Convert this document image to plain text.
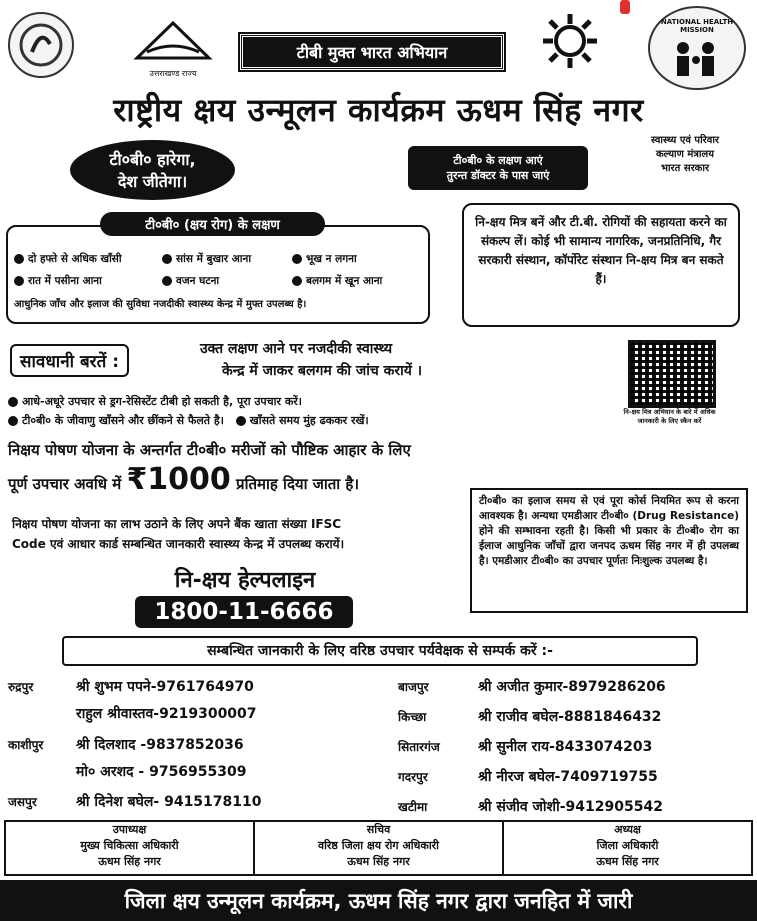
उत्तराखण्ड राज्य
टीबी मुक्त भारत अभियान
NATIONAL HEALTH MISSION
राष्ट्रीय क्षय उन्मूलन कार्यक्रम ऊधम सिंह नगर
टी०बी० हारेगा,
देश जीतेगा।
टी०बी० के लक्षण आएं
तुरन्त डॉक्टर के पास जाएं
स्वास्थ्य एवं परिवार
कल्याण मंत्रालय
भारत सरकार
टी०बी० (क्षय रोग) के लक्षण
दो हफ्ते से अधिक खाँसी	सांस में बुखार आना	भूख न लगना
रात में पसीना आना	वजन घटना	बलगम में खून आना
आधुनिक जाँच और इलाज की सुविधा नजदीकी स्वास्थ्य केन्द्र में मुफ्त उपलब्ध है।
नि-क्षय मित्र बनें और टी.बी. रोगियों की सहायता करने का संकल्प लें। कोई भी सामान्य नागरिक, जनप्रतिनिधि, गैर सरकारी संस्थान, कॉर्पोरेट संस्थान नि-क्षय मित्र बन सकते हैं।
सावधानी बरतें :
उक्त लक्षण आने पर नजदीकी स्वास्थ्य
केन्द्र में जाकर बलगम की जांच करायें ।
नि-क्षय मित्र अभियान के बारे में अधिक जानकारी के लिए स्कैन करें
आधे-अधूरे उपचार से ड्रग-रेसिस्टेंट टीबी हो सकती है, पूरा उपचार करें।
टी०बी० के जीवाणु खाँसने और छींकने से फैलते है। खाँसते समय मुंह ढककर रखें।
निक्षय पोषण योजना के अन्तर्गत टी०बी० मरीजों को पौष्टिक आहार के लिए
पूर्ण उपचार अवधि में ₹1000 प्रतिमाह दिया जाता है।
निक्षय पोषण योजना का लाभ उठाने के लिए अपने बैंक खाता संख्या IFSC
Code एवं आधार कार्ड सम्बन्धित जानकारी स्वास्थ्य केन्द्र में उपलब्ध करायें।
टी०बी० का इलाज समय से एवं पूरा कोर्स नियमित रूप से करना आवश्यक है। अन्यथा एमडीआर टी०बी० (Drug Resistance) होने की सम्भावना रहती है। किसी भी प्रकार के टी०बी० रोग का ईलाज आधुनिक जाँचों द्वारा जनपद ऊधम सिंह नगर में ही उपलब्ध है। एमडीआर टी०बी० का उपचार पूर्णतः निःशुल्क उपलब्ध है।
नि-क्षय हेल्पलाइन
1800-11-6666
सम्बन्धित जानकारी के लिए वरिष्ठ उपचार पर्यवेक्षक से सम्पर्क करें :-
रुद्रपुर	श्री शुभम पपने-9761764970
राहुल श्रीवास्तव-9219300007
काशीपुर श्री दिलशाद -9837852036
मो० अरशद - 9756955309
जसपुर	श्री दिनेश बघेल- 9415178110
बाजपुर	श्री अजीत कुमार-8979286206
किच्छा	श्री राजीव बघेल-8881846432
सितारगंज	श्री सुनील राय-8433074203
गदरपुर	श्री नीरज बघेल-7409719755
खटीमा	श्री संजीव जोशी-9412905542
उपाध्यक्ष
मुख्य चिकित्सा अधिकारी
ऊधम सिंह नगर
सचिव
वरिष्ठ जिला क्षय रोग अधिकारी
ऊधम सिंह नगर
अध्यक्ष
जिला अधिकारी
ऊधम सिंह नगर
जिला क्षय उन्मूलन कार्यक्रम, ऊधम सिंह नगर द्वारा जनहित में जारी
